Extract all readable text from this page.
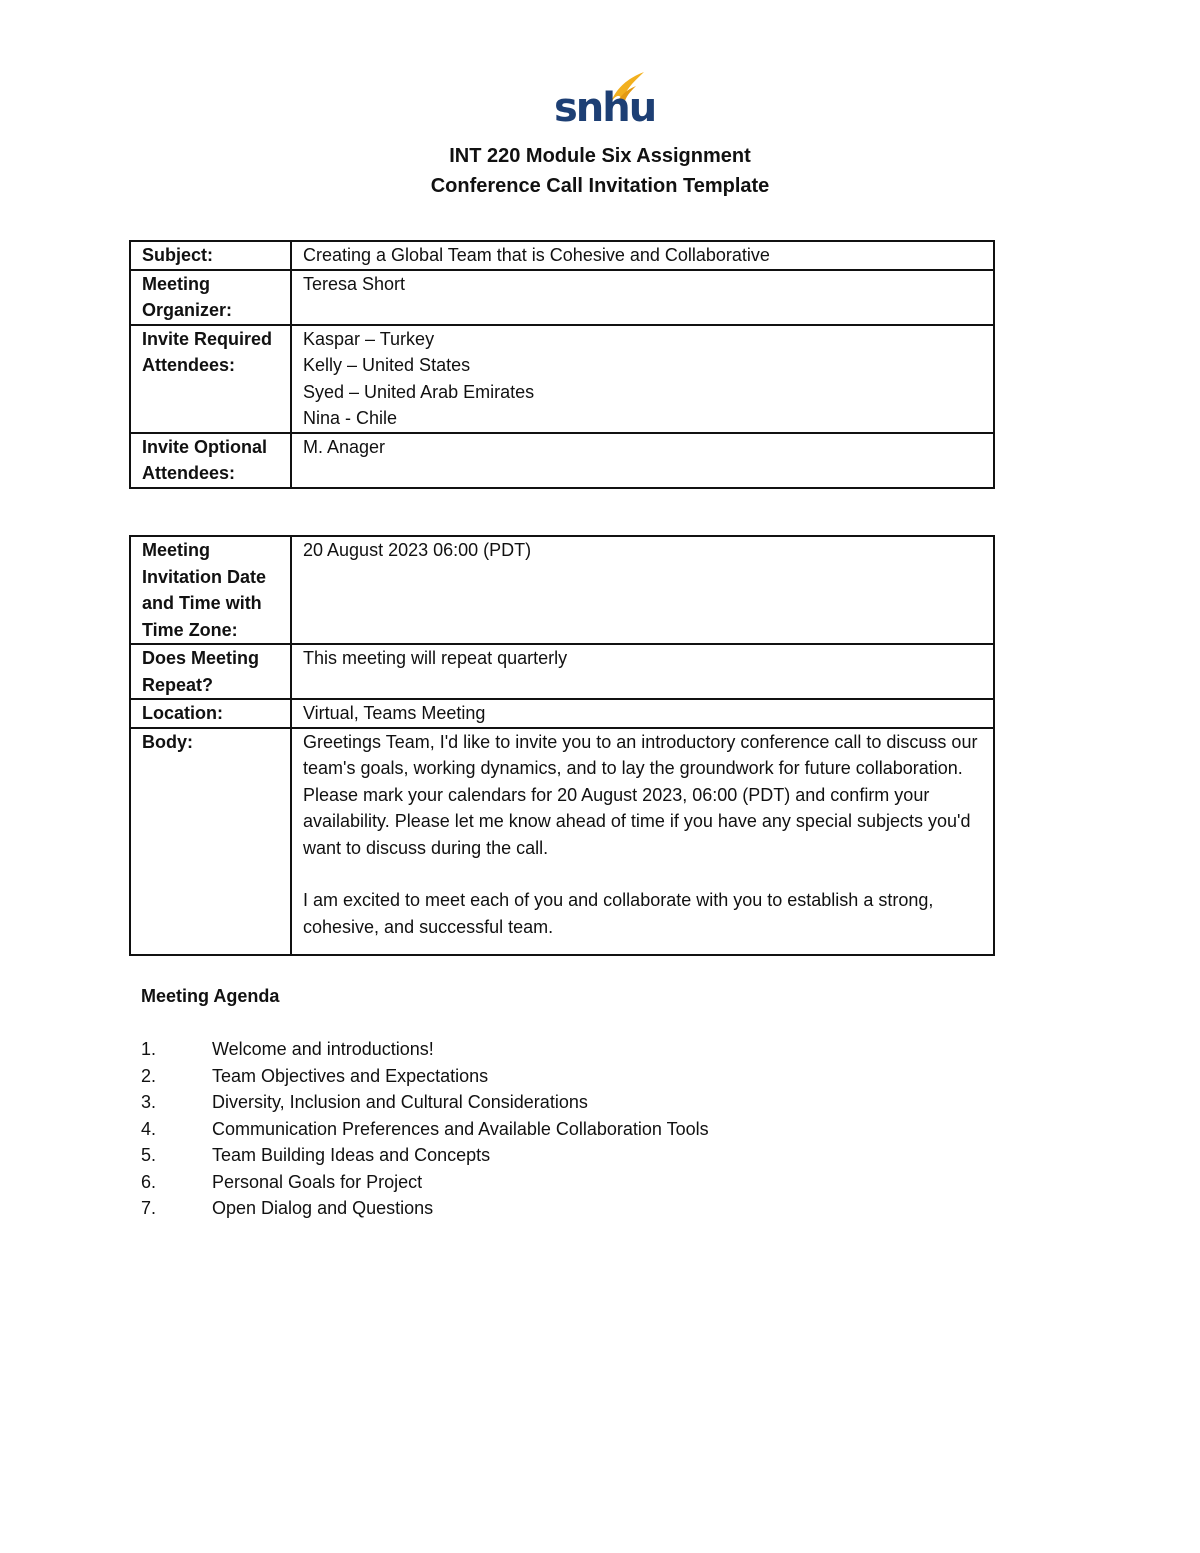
snhu
INT 220 Module Six Assignment
Conference Call Invitation Template
Subject:	Creating a Global Team that is Cohesive and Collaborative
Meeting Organizer:	Teresa Short
Invite Required Attendees:	Kaspar – Turkey
Kelly – United States
Syed – United Arab Emirates
Nina - Chile

Invite Optional Attendees:	M. Anager
Meeting Invitation Date and Time with Time Zone:	20 August 2023 06:00 (PDT)
Does Meeting Repeat?	This meeting will repeat quarterly
Location:	Virtual, Teams Meeting
Body:	Greetings Team, I'd like to invite you to an introductory conference call to discuss our team's goals, working dynamics, and to lay the groundwork for future collaboration. Please mark your calendars for 20 August 2023, 06:00 (PDT) and confirm your availability. Please let me know ahead of time if you have any special subjects you'd want to discuss during the call.
I am excited to meet each of you and collaborate with you to establish a strong, cohesive, and successful team.
Meeting Agenda
1.	Welcome and introductions!
2.	Team Objectives and Expectations
3.	Diversity, Inclusion and Cultural Considerations
4.	Communication Preferences and Available Collaboration Tools
5.	Team Building Ideas and Concepts
6.	Personal Goals for Project
7.	Open Dialog and Questions
